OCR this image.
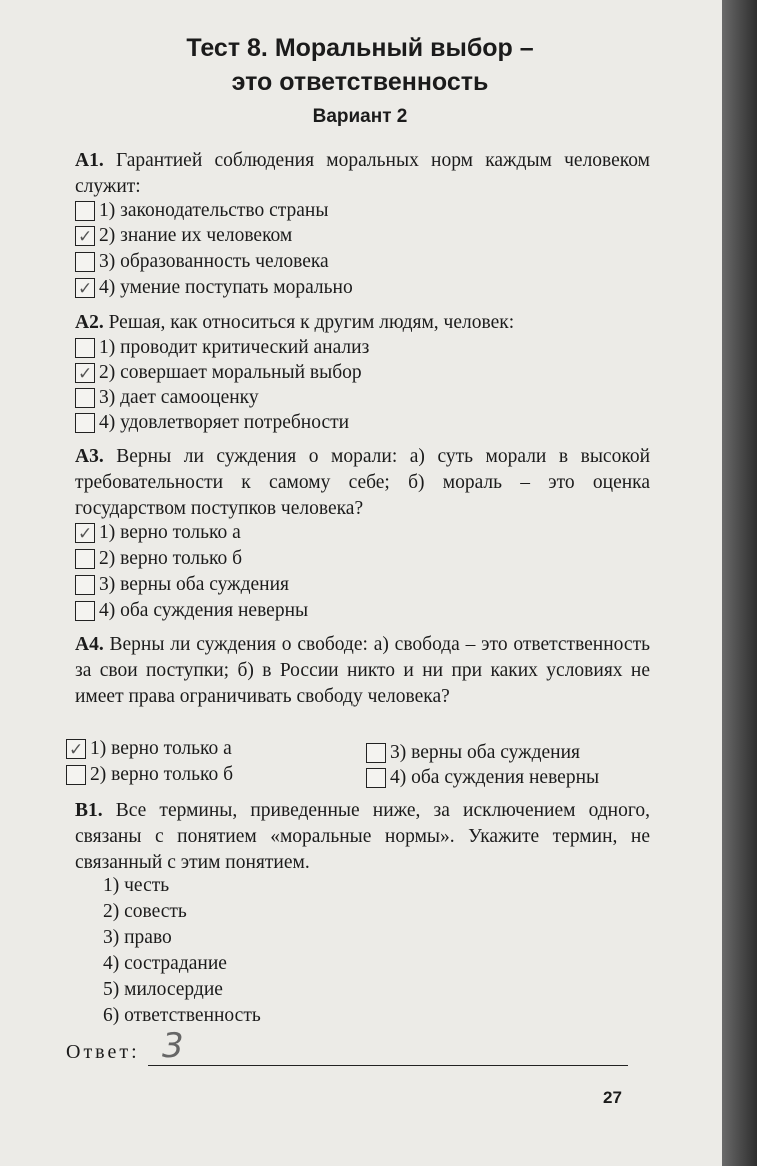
Тест 8. Моральный выбор –
это ответственность
Вариант 2
А1. Гарантией соблюдения моральных норм каждым человеком служит:
1) законодательство страны
✓ 2) знание их человеком
3) образованность человека
✓ 4) умение поступать морально
А2. Решая, как относиться к другим людям, человек:
1) проводит критический анализ
✓ 2) совершает моральный выбор
3) дает самооценку
4) удовлетворяет потребности
А3. Верны ли суждения о морали: а) суть морали в высокой требовательности к самому себе; б) мораль – это оценка государством поступков человека?
✓ 1) верно только а
2) верно только б
3) верны оба суждения
4) оба суждения неверны
А4. Верны ли суждения о свободе: а) свобода – это ответственность за свои поступки; б) в России никто и ни при каких условиях не имеет права ограничивать свободу человека?
✓ 1) верно только а
2) верно только б
3) верны оба суждения
4) оба суждения неверны
В1. Все термины, приведенные ниже, за исключением одного, связаны с понятием «моральные нормы». Укажите термин, не связанный с этим понятием.
1) честь
2) совесть
3) право
4) сострадание
5) милосердие
6) ответственность
Ответ: 3
27
